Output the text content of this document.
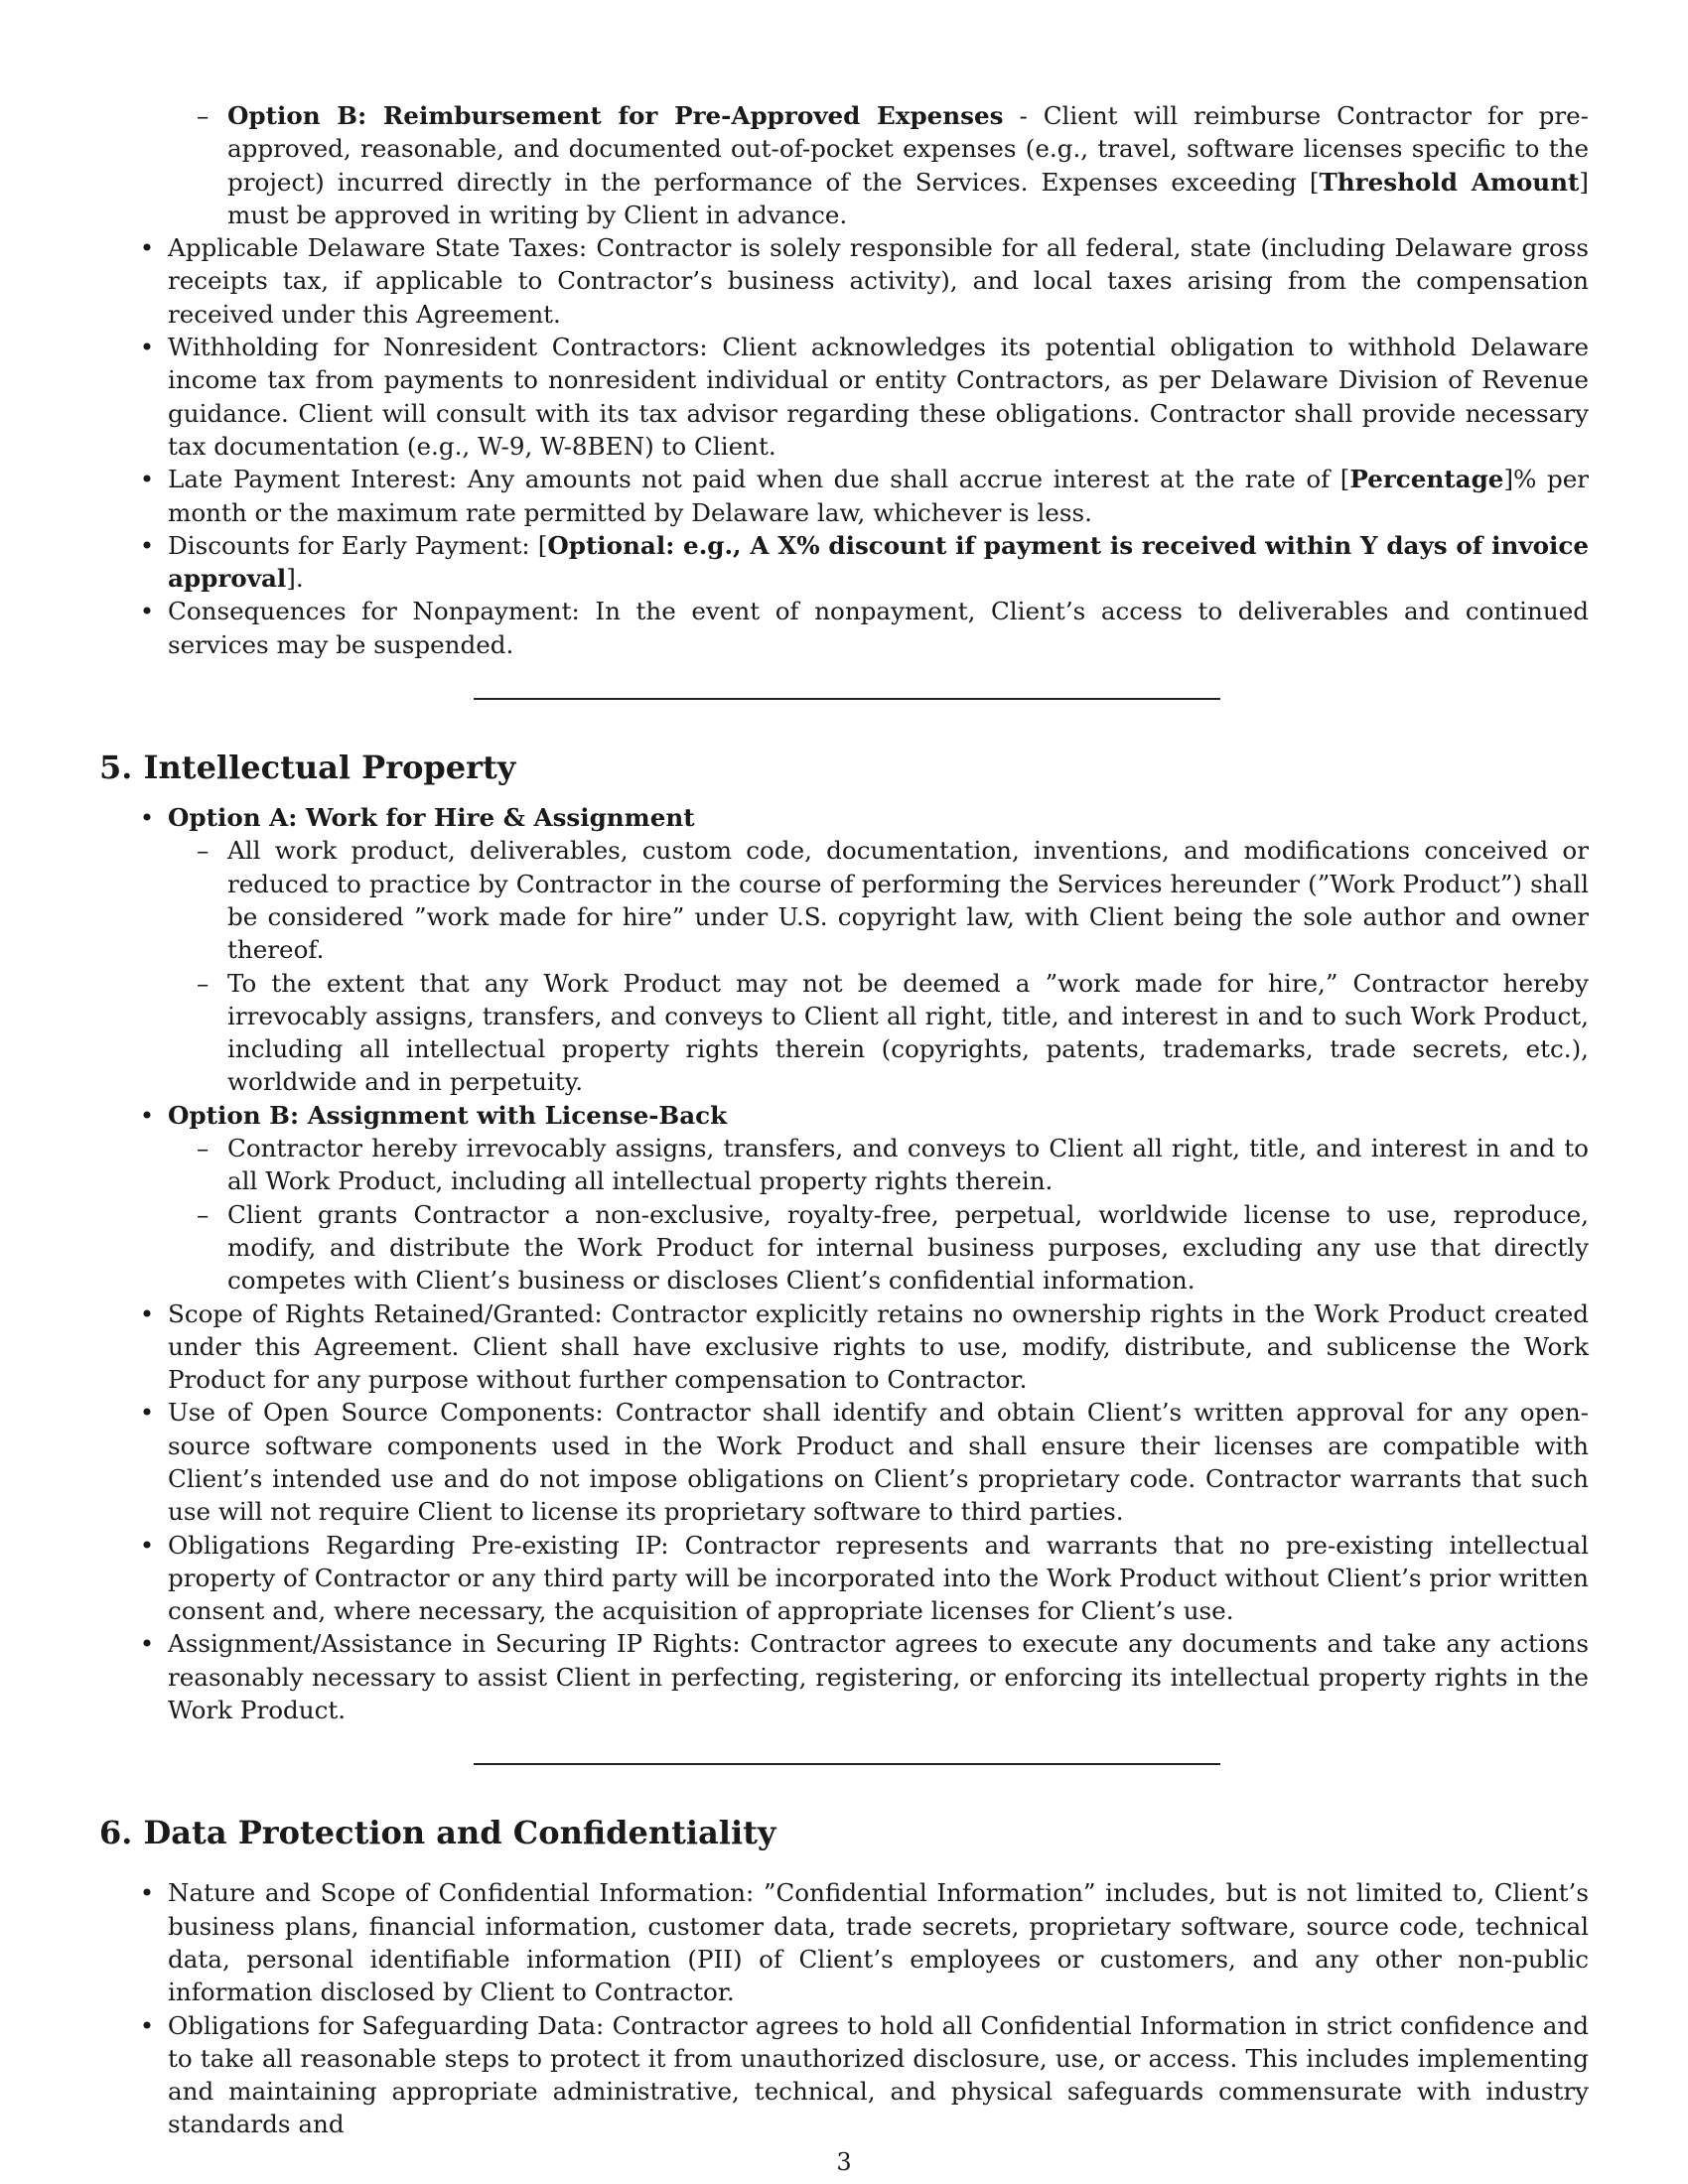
– Option B: Reimbursement for Pre-Approved Expenses - Client will reimburse Contractor for pre-approved, reasonable, and documented out-of-pocket expenses (e.g., travel, software licenses specific to the project) incurred directly in the performance of the Services. Expenses exceeding [Threshold Amount] must be approved in writing by Client in advance.
• Applicable Delaware State Taxes: Contractor is solely responsible for all federal, state (including Delaware gross receipts tax, if applicable to Contractor’s business activity), and local taxes arising from the compensation received under this Agreement.
• Withholding for Nonresident Contractors: Client acknowledges its potential obligation to withhold Delaware income tax from payments to nonresident individual or entity Contractors, as per Delaware Division of Revenue guidance. Client will consult with its tax advisor regarding these obligations. Contractor shall provide necessary tax documentation (e.g., W-9, W-8BEN) to Client.
• Late Payment Interest: Any amounts not paid when due shall accrue interest at the rate of [Percentage]% per month or the maximum rate permitted by Delaware law, whichever is less.
• Discounts for Early Payment: [Optional: e.g., A X% discount if payment is received within Y days of invoice approval].
• Consequences for Nonpayment: In the event of nonpayment, Client’s access to deliverables and continued services may be suspended.
5. Intellectual Property
• Option A: Work for Hire & Assignment
– All work product, deliverables, custom code, documentation, inventions, and modifications conceived or reduced to practice by Contractor in the course of performing the Services hereunder (”Work Product”) shall be considered ”work made for hire” under U.S. copyright law, with Client being the sole author and owner thereof.
– To the extent that any Work Product may not be deemed a ”work made for hire,” Contractor hereby irrevocably assigns, transfers, and conveys to Client all right, title, and interest in and to such Work Product, including all intellectual property rights therein (copyrights, patents, trademarks, trade secrets, etc.), worldwide and in perpetuity.
• Option B: Assignment with License-Back
– Contractor hereby irrevocably assigns, transfers, and conveys to Client all right, title, and interest in and to all Work Product, including all intellectual property rights therein.
– Client grants Contractor a non-exclusive, royalty-free, perpetual, worldwide license to use, reproduce, modify, and distribute the Work Product for internal business purposes, excluding any use that directly competes with Client’s business or discloses Client’s confidential information.
• Scope of Rights Retained/Granted: Contractor explicitly retains no ownership rights in the Work Product created under this Agreement. Client shall have exclusive rights to use, modify, distribute, and sublicense the Work Product for any purpose without further compensation to Contractor.
• Use of Open Source Components: Contractor shall identify and obtain Client’s written approval for any open-source software components used in the Work Product and shall ensure their licenses are compatible with Client’s intended use and do not impose obligations on Client’s proprietary code. Contractor warrants that such use will not require Client to license its proprietary software to third parties.
• Obligations Regarding Pre-existing IP: Contractor represents and warrants that no pre-existing intellectual property of Contractor or any third party will be incorporated into the Work Product without Client’s prior written consent and, where necessary, the acquisition of appropriate licenses for Client’s use.
• Assignment/Assistance in Securing IP Rights: Contractor agrees to execute any documents and take any actions reasonably necessary to assist Client in perfecting, registering, or enforcing its intellectual property rights in the Work Product.
6. Data Protection and Confidentiality
• Nature and Scope of Confidential Information: ”Confidential Information” includes, but is not limited to, Client’s business plans, financial information, customer data, trade secrets, proprietary software, source code, technical data, personal identifiable information (PII) of Client’s employees or customers, and any other non-public information disclosed by Client to Contractor.
• Obligations for Safeguarding Data: Contractor agrees to hold all Confidential Information in strict confidence and to take all reasonable steps to protect it from unauthorized disclosure, use, or access. This includes implementing and maintaining appropriate administrative, technical, and physical safeguards commensurate with industry standards and
3
